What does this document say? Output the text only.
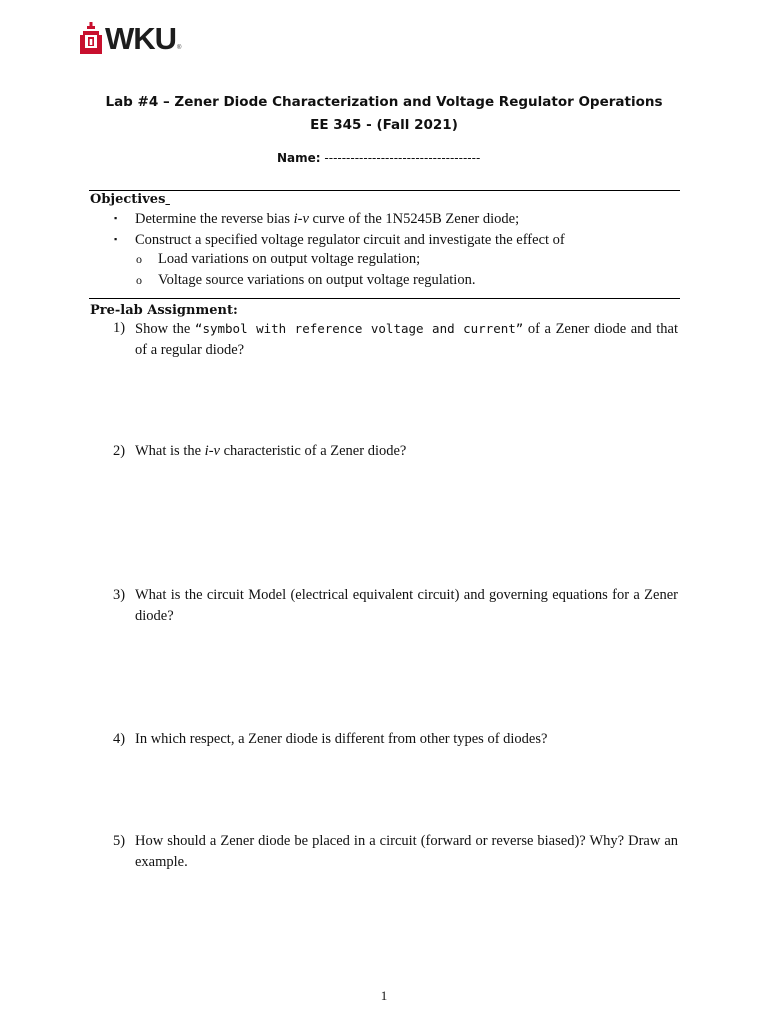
WKU ®
Lab #4 – Zener Diode Characterization and Voltage Regulator Operations
EE 345 - (Fall 2021)
Name: ------------------------------------
Objectives
▪ Determine the reverse bias i-v curve of the 1N5245B Zener diode;
▪ Construct a specified voltage regulator circuit and investigate the effect of
o Load variations on output voltage regulation;
o Voltage source variations on output voltage regulation.
Pre-lab Assignment:
1) Show the “symbol with reference voltage and current” of a Zener diode and that of a regular diode?
2) What is the i-v characteristic of a Zener diode?
3) What is the circuit Model (electrical equivalent circuit) and governing equations for a Zener diode?
4) In which respect, a Zener diode is different from other types of diodes?
5) How should a Zener diode be placed in a circuit (forward or reverse biased)? Why? Draw an example.
1
